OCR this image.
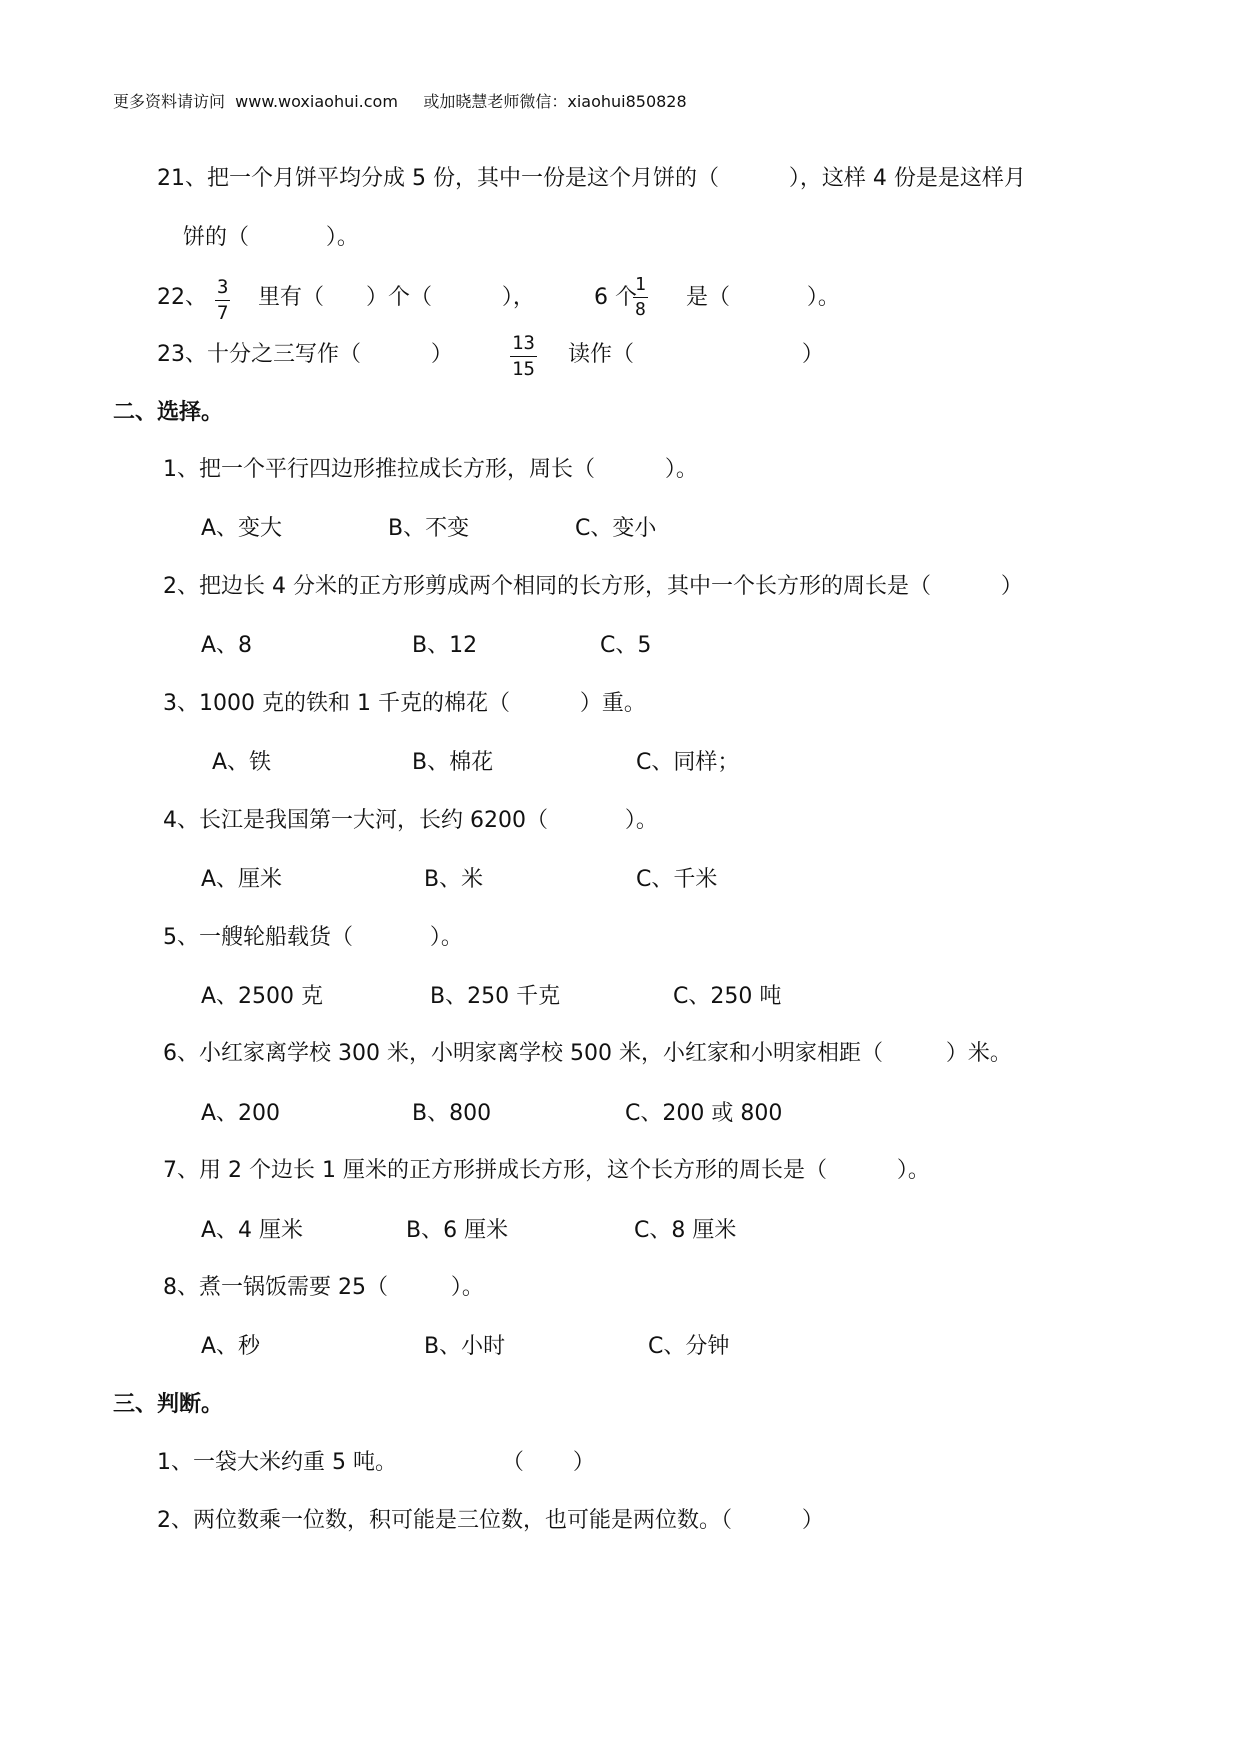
更多资料请访问  www.woxiaohui.com     或加晓慧老师微信：xiaohui850828
21、把一个月饼平均分成 5 份，其中一份是这个月饼的（          ），这样 4 份是是这样月
饼的（           ）。
22、 3
7
里有（      ）个（          ），	6 个
1
8 是（           ）。
23、十分之三写作（          ）	13
15
读作（                        ）
二、选择。
1、把一个平行四边形推拉成长方形，周长（          ）。
A、变大	B、不变	C、变小
2、把边长 4 分米的正方形剪成两个相同的长方形，其中一个长方形的周长是（          ）
A、8	B、12	C、5
3、1000 克的铁和 1 千克的棉花（          ）重。
A、铁	B、棉花	C、同样；
4、长江是我国第一大河，长约 6200（           ）。
A、厘米	B、米	C、千米
5、一艘轮船载货（           ）。
A、2500 克	B、250 千克	C、250 吨
6、小红家离学校 300 米，小明家离学校 500 米，小红家和小明家相距（         ）米。
A、200	B、800	C、200 或 800
7、用 2 个边长 1 厘米的正方形拼成长方形，这个长方形的周长是（          ）。
A、4 厘米	B、6 厘米	C、8 厘米
8、煮一锅饭需要 25（         ）。
A、秒	B、小时	C、分钟
三、判断。
1、一袋大米约重 5 吨。               （       ）
2、两位数乘一位数，积可能是三位数，也可能是两位数。（          ）
